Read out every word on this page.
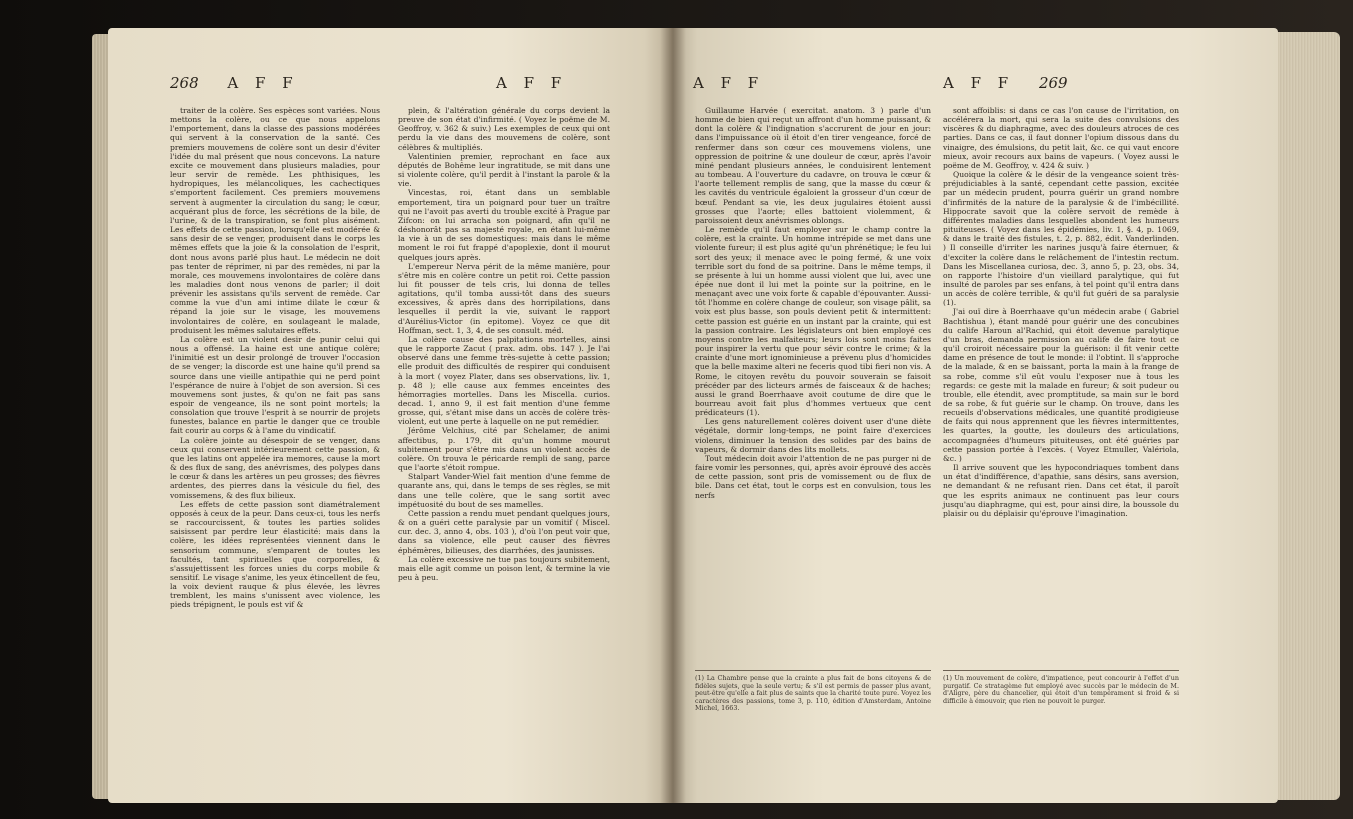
268 A F F	A F F

traiter de la colère. Ses espèces sont variées. Nous mettons la colère, ou ce que nous appelons l'emportement, dans la classe des passions modérées qui servent à la conservation de la santé. Ces premiers mouvemens de colère sont un desir d'éviter l'idée du mal présent que nous concevons. La nature excite ce mouvement dans plusieurs maladies, pour leur servir de remède. Les phthisiques, les hydropiques, les mélancoliques, les cachectiques s'emportent facilement. Ces premiers mouvemens servent à augmenter la circulation du sang; le cœur, acquérant plus de force, les sécrétions de la bile, de l'urine, & de la transpiration, se font plus aisément. Les effets de cette passion, lorsqu'elle est modérée & sans desir de se venger, produisent dans le corps les mêmes effets que la joie & la consolation de l'esprit, dont nous avons parlé plus haut. Le médecin ne doit pas tenter de réprimer, ni par des remèdes, ni par la morale, ces mouvemens involontaires de colère dans les maladies dont nous venons de parler; il doit prévenir les assistans qu'ils servent de remède. Car comme la vue d'un ami intime dilate le cœur & répand la joie sur le visage, les mouvemens involontaires de colère, en soulageant le malade, produisent les mêmes salutaires effets.

La colère est un violent desir de punir celui qui nous a offensé. La haine est une antique colère; l'inimitié est un desir prolongé de trouver l'occasion de se venger; la discorde est une haine qu'il prend sa source dans une vieille antipathie qui ne perd point l'espérance de nuire à l'objet de son aversion. Si ces mouvemens sont justes, & qu'on ne fait pas sans espoir de vengeance, ils ne sont point mortels; la consolation que trouve l'esprit à se nourrir de projets funestes, balance en partie le danger que ce trouble fait courir au corps & à l'ame du vindicatif.

La colère jointe au désespoir de se venger, dans ceux qui conservent intérieurement cette passion, & que les latins ont appelée ira memores, cause la mort & des flux de sang, des anévrismes, des polypes dans le cœur & dans les artères un peu grosses; des fièvres ardentes, des pierres dans la vésicule du fiel, des vomissemens, & des flux bilieux.

Les effets de cette passion sont diamétralement opposés à ceux de la peur. Dans ceux-ci, tous les nerfs se raccourcissent, & toutes les parties solides saisissent par perdre leur élasticité: mais dans la colère, les idées représentées viennent dans le sensorium commune, s'emparent de toutes les facultés, tant spirituelles que corporelles, & s'assujettissent les forces unies du corps mobile & sensitif. Le visage s'anime, les yeux étincellent de feu, la voix devient rauque & plus élevée, les lèvres tremblent, les mains s'unissent avec violence, les pieds trépignent, le pouls est vif &

plein, & l'altération générale du corps devient la preuve de son état d'infirmité. ( Voyez le poëme de M. Geoffroy, v. 362 & suiv.) Les exemples de ceux qui ont perdu la vie dans des mouvemens de colère, sont célèbres & multipliés.

Valentinien premier, reprochant en face aux députés de Bohême leur ingratitude, se mit dans une si violente colère, qu'il perdit à l'instant la parole & la vie.

Vincestas, roi, étant dans un semblable emportement, tira un poignard pour tuer un traître qui ne l'avoit pas averti du trouble excité à Prague par Zifcon: on lui arracha son poignard, afin qu'il ne déshonorât pas sa majesté royale, en étant lui-même la vie à un de ses domestiques: mais dans le même moment le roi fut frappé d'apoplexie, dont il mourut quelques jours après.

L'empereur Nerva périt de la même manière, pour s'être mis en colère contre un petit roi. Cette passion lui fit pousser de tels cris, lui donna de telles agitations, qu'il tomba aussi-tôt dans des sueurs excessives, & après dans des horripilations, dans lesquelles il perdit la vie, suivant le rapport d'Aurélius-Victor (in epitome). Voyez ce que dit Hoffman, sect. 1, 3, 4, de ses consult. méd.

La colère cause des palpitations mortelles, ainsi que le rapporte Zacut ( prax. adm. obs. 147 ). Je l'ai observé dans une femme très-sujette à cette passion; elle produit des difficultés de respirer qui conduisent à la mort ( voyez Plater, dans ses observations, liv. 1, p. 48 ); elle cause aux femmes enceintes des hémorragies mortelles. Dans les Miscella. curios. decad. 1, anno 9, il est fait mention d'une femme grosse, qui, s'étant mise dans un accès de colère très-violent, eut une perte à laquelle on ne put remédier.

Jérôme Velchius, cité par Schelamer, de animi affectibus, p. 179, dit qu'un homme mourut subitement pour s'être mis dans un violent accès de colère. On trouva le péricarde rempli de sang, parce que l'aorte s'étoit rompue.

Stalpart Vander-Wiel fait mention d'une femme de quarante ans, qui, dans le temps de ses règles, se mit dans une telle colère, que le sang sortit avec impétuosité du bout de ses mamelles.

Cette passion a rendu muet pendant quelques jours, & on a guéri cette paralysie par un vomitif ( Miscel. cur. dec. 3, anno 4, obs. 103 ), d'où l'on peut voir que, dans sa violence, elle peut causer des fièvres éphémères, bilieuses, des diarrhées, des jaunisses.

La colère excessive ne tue pas toujours subitement, mais elle agit comme un poison lent, & termine la vie peu à peu.

A F F	A F F 269

Guillaume Harvée ( exercitat. anatom. 3 ) parle d'un homme de bien qui reçut un affront d'un homme puissant, & dont la colère & l'indignation s'accrurent de jour en jour: dans l'impuissance où il étoit d'en tirer vengeance, forcé de renfermer dans son cœur ces mouvemens violens, une oppression de poitrine & une douleur de cœur, après l'avoir miné pendant plusieurs années, le conduisirent lentement au tombeau. A l'ouverture du cadavre, on trouva le cœur & l'aorte tellement remplis de sang, que la masse du cœur & les cavités du ventricule égaloient la grosseur d'un cœur de bœuf. Pendant sa vie, les deux jugulaires étoient aussi grosses que l'aorte; elles battoient violemment, & paroissoient deux anévrismes oblongs.

Le remède qu'il faut employer sur le champ contre la colère, est la crainte. Un homme intrépide se met dans une violente fureur; il est plus agité qu'un phrénétique; le feu lui sort des yeux; il menace avec le poing fermé, & une voix terrible sort du fond de sa poitrine. Dans le même temps, il se présente à lui un homme aussi violent que lui, avec une épée nue dont il lui met la pointe sur la poitrine, en le menaçant avec une voix forte & capable d'épouvanter. Aussi-tôt l'homme en colère change de couleur, son visage pâlit, sa voix est plus basse, son pouls devient petit & intermittent: cette passion est guérie en un instant par la crainte, qui est la passion contraire. Les législateurs ont bien employé ces moyens contre les malfaiteurs; leurs lois sont moins faites pour inspirer la vertu que pour sévir contre le crime; & la crainte d'une mort ignominieuse a prévenu plus d'homicides que la belle maxime alteri ne feceris quod tibi fieri non vis. A Rome, le citoyen revêtu du pouvoir souverain se faisoit précéder par des licteurs armés de faisceaux & de haches; aussi le grand Boerrhaave avoit coutume de dire que le bourreau avoit fait plus d'hommes vertueux que cent prédicateurs (1).

Les gens naturellement colères doivent user d'une diète végétale, dormir long-temps, ne point faire d'exercices violens, diminuer la tension des solides par des bains de vapeurs, & dormir dans des lits mollets.

Tout médecin doit avoir l'attention de ne pas purger ni de faire vomir les personnes, qui, après avoir éprouvé des accès de cette passion, sont pris de vomissement ou de flux de bile. Dans cet état, tout le corps est en convulsion, tous les nerfs

sont affoiblis: si dans ce cas l'on cause de l'irritation, on accélérera la mort, qui sera la suite des convulsions des viscères & du diaphragme, avec des douleurs atroces de ces parties. Dans ce cas, il faut donner l'opium dissous dans du vinaigre, des émulsions, du petit lait, &c. ce qui vaut encore mieux, avoir recours aux bains de vapeurs. ( Voyez aussi le poëme de M. Geoffroy, v. 424 & suiv. )

Quoique la colère & le désir de la vengeance soient très-préjudiciables à la santé, cependant cette passion, excitée par un médecin prudent, pourra guérir un grand nombre d'infirmités de la nature de la paralysie & de l'imbécillité. Hippocrate savoit que la colère servoit de remède à différentes maladies dans lesquelles abondent les humeurs pituiteuses. ( Voyez dans les épidémies, liv. 1, §. 4, p. 1069, & dans le traité des fistules, t. 2, p. 882, édit. Vanderlinden. ) Il conseille d'irriter les narines jusqu'à faire éternuer, & d'exciter la colère dans le relâchement de l'intestin rectum. Dans les Miscellanea curiosa, dec. 3, anno 5, p. 23, obs. 34, on rapporte l'histoire d'un vieillard paralytique, qui fut insulté de paroles par ses enfans, à tel point qu'il entra dans un accès de colère terrible, & qu'il fut guéri de sa paralysie (1).

J'ai ouï dire à Boerrhaave qu'un médecin arabe ( Gabriel Bachtishua ), étant mandé pour guérir une des concubines du calife Haroun al'Rachid, qui étoit devenue paralytique d'un bras, demanda permission au calife de faire tout ce qu'il croiroit nécessaire pour la guérison: il fit venir cette dame en présence de tout le monde: il l'obtint. Il s'approche de la malade, & en se baissant, porta la main à la frange de sa robe, comme s'il eût voulu l'exposer nue à tous les regards: ce geste mit la malade en fureur; & soit pudeur ou trouble, elle étendit, avec promptitude, sa main sur le bord de sa robe, & fut guérie sur le champ. On trouve, dans les recueils d'observations médicales, une quantité prodigieuse de faits qui nous apprennent que les fièvres intermittentes, les quartes, la goutte, les douleurs des articulations, accompagnées d'humeurs pituiteuses, ont été guéries par cette passion portée à l'excès. ( Voyez Etmuller, Valériola, &c. )

Il arrive souvent que les hypocondriaques tombent dans un état d'indifférence, d'apathie, sans désirs, sans aversion, ne demandant & ne refusant rien. Dans cet état, il paroît que les esprits animaux ne continuent pas leur cours jusqu'au diaphragme, qui est, pour ainsi dire, la boussole du plaisir ou du déplaisir qu'éprouve l'imagination.

(1) La Chambre pense que la crainte a plus fait de bons citoyens & de fidèles sujets, que la seule vertu; & s'il est permis de passer plus avant, peut-être qu'elle a fait plus de saints que la charité toute pure. Voyez les caractères des passions, tome 3, p. 110, édition d'Amsterdam, Antoine Michel, 1663.
(1) Un mouvement de colère, d'impatience, peut concourir à l'effet d'un purgatif. Ce stratagème fut employé avec succès par le médecin de M. d'Aligre, père du chancelier, qui étoit d'un tempérament si froid & si difficile à émouvoir, que rien ne pouvoit le purger.
